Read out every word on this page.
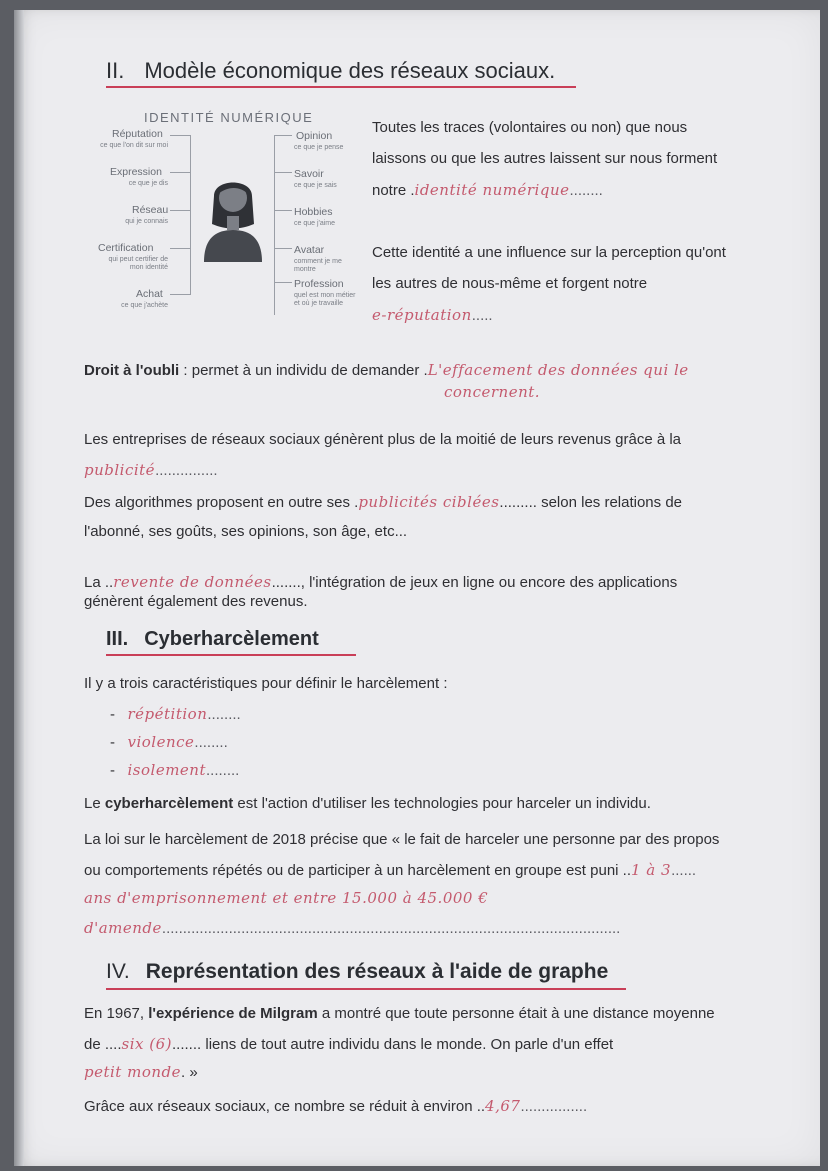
II. Modèle économique des réseaux sociaux.
IDENTITÉ NUMÉRIQUE
Réputation
ce que l'on dit sur moi
Expression
ce que je dis
Réseau
qui je connais
Certification
qui peut certifier de mon identité
Achat
ce que j'achète
Opinion
ce que je pense
Savoir
ce que je sais
Hobbies
ce que j'aime
Avatar
comment je me montre
Profession
quel est mon métier et où je travaille
Toutes les traces (volontaires ou non) que nous
laissons ou que les autres laissent sur nous forment
notre .identité numérique........
Cette identité a une influence sur la perception qu'ont
les autres de nous-même et forgent notre
e-réputation.....
Droit à l'oubli : permet à un individu de demander .L'effacement des données qui le
concernent.
Les entreprises de réseaux sociaux génèrent plus de la moitié de leurs revenus grâce à la
publicité...............
Des algorithmes proposent en outre ses .publicités ciblées......... selon les relations de
l'abonné, ses goûts, ses opinions, son âge, etc...
La ..revente de données......., l'intégration de jeux en ligne ou encore des applications
génèrent également des revenus.
III. Cyberharcèlement
Il y a trois caractéristiques pour définir le harcèlement :
-   répétition........
-   violence........
-   isolement........
Le cyberharcèlement est l'action d'utiliser les technologies pour harceler un individu.
La loi sur le harcèlement de 2018 précise que « le fait de harceler une personne par des propos
ou comportements répétés ou de participer à un harcèlement en groupe est puni ..1 à 3......
ans d'emprisonnement et entre 15.000 à 45.000 €
d'amende..............................................................................................................
IV. Représentation des réseaux à l'aide de graphe
En 1967, l'expérience de Milgram a montré que toute personne était à une distance moyenne
de ....six (6)....... liens de tout autre individu dans le monde. On parle d'un effet
petit monde. »
Grâce aux réseaux sociaux, ce nombre se réduit à environ ..4,67................
